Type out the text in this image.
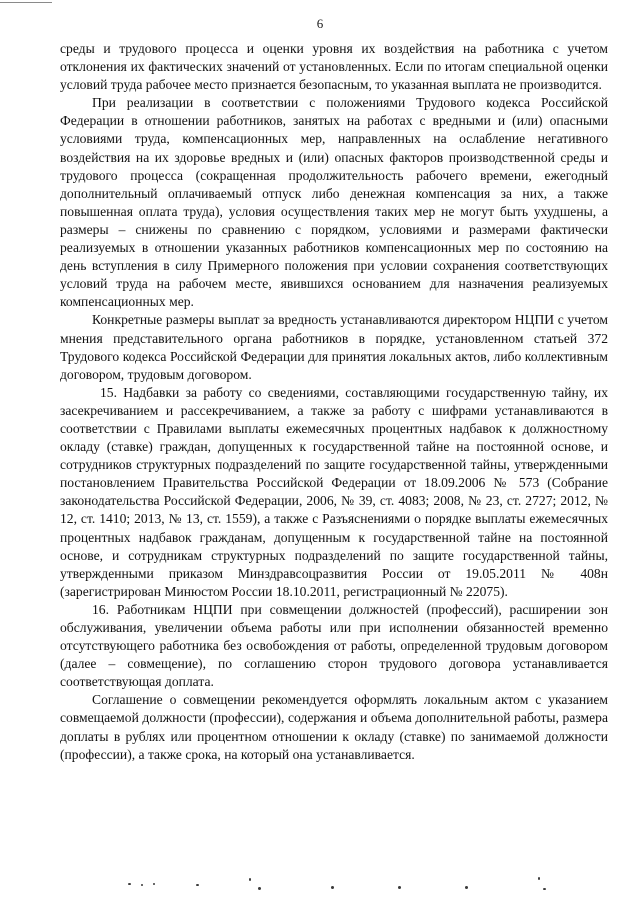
6

среды и трудового процесса и оценки уровня их воздействия на работника с учетом отклонения их фактических значений от установленных. Если по итогам специальной оценки условий труда рабочее место признается безопасным, то указанная выплата не производится.

При реализации в соответствии с положениями Трудового кодекса Российской Федерации в отношении работников, занятых на работах с вредными и (или) опасными условиями труда, компенсационных мер, направленных на ослабление негативного воздействия на их здоровье вредных и (или) опасных факторов производственной среды и трудового процесса (сокращенная продолжительность рабочего времени, ежегодный дополнительный оплачиваемый отпуск либо денежная компенсация за них, а также повышенная оплата труда), условия осуществления таких мер не могут быть ухудшены, а размеры – снижены по сравнению с порядком, условиями и размерами фактически реализуемых в отношении указанных работников компенсационных мер по состоянию на день вступления в силу Примерного положения при условии сохранения соответствующих условий труда на рабочем месте, явившихся основанием для назначения реализуемых компенсационных мер.

Конкретные размеры выплат за вредность устанавливаются директором НЦПИ с учетом мнения представительного органа работников в порядке, установленном статьей 372 Трудового кодекса Российской Федерации для принятия локальных актов, либо коллективным договором, трудовым договором.

15. Надбавки за работу со сведениями, составляющими государственную тайну, их засекречиванием и рассекречиванием, а также за работу с шифрами устанавливаются в соответствии с Правилами выплаты ежемесячных процентных надбавок к должностному окладу (ставке) граждан, допущенных к государственной тайне на постоянной основе, и сотрудников структурных подразделений по защите государственной тайны, утвержденными постановлением Правительства Российской Федерации от 18.09.2006 № 573 (Собрание законодательства Российской Федерации, 2006, № 39, ст. 4083; 2008, № 23, ст. 2727; 2012, № 12, ст. 1410; 2013, № 13, ст. 1559), а также с Разъяснениями о порядке выплаты ежемесячных процентных надбавок гражданам, допущенным к государственной тайне на постоянной основе, и сотрудникам структурных подразделений по защите государственной тайны, утвержденными приказом Минздравсоцразвития России от 19.05.2011 № 408н (зарегистрирован Минюстом России 18.10.2011, регистрационный № 22075).

16. Работникам НЦПИ при совмещении должностей (профессий), расширении зон обслуживания, увеличении объема работы или при исполнении обязанностей временно отсутствующего работника без освобождения от работы, определенной трудовым договором (далее – совмещение), по соглашению сторон трудового договора устанавливается соответствующая доплата.

Соглашение о совмещении рекомендуется оформлять локальным актом с указанием совмещаемой должности (профессии), содержания и объема дополнительной работы, размера доплаты в рублях или процентном отношении к окладу (ставке) по занимаемой должности (профессии), а также срока, на который она устанавливается.
